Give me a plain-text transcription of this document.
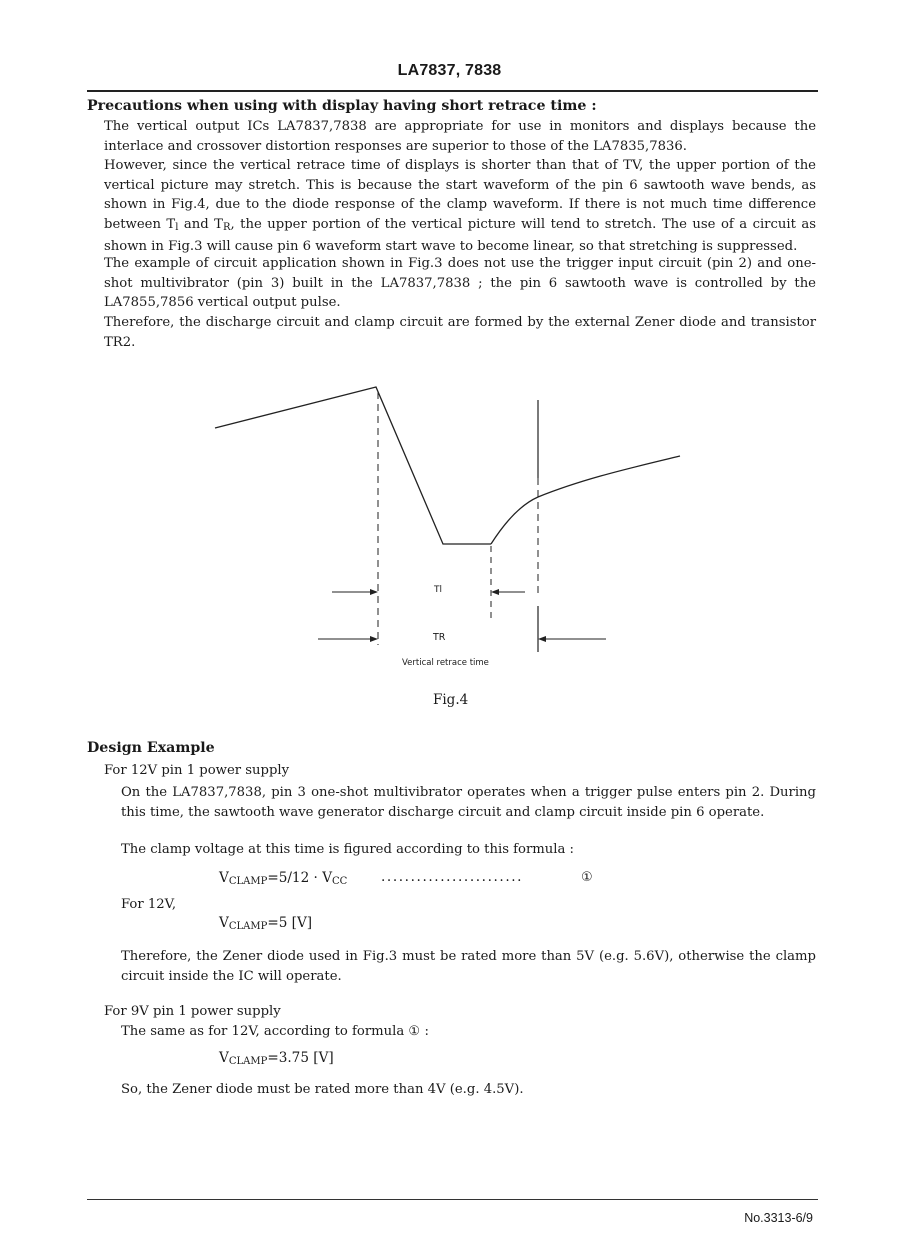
LA7837, 7838
Precautions when using with display having short retrace time :
The vertical output ICs LA7837,7838 are appropriate for use in monitors and displays because the interlace and crossover distortion responses are superior to those of the LA7835,7836.
However, since the vertical retrace time of displays is shorter than that of TV, the upper portion of the vertical picture may stretch. This is because the start waveform of the pin 6 sawtooth wave bends, as shown in Fig.4, due to the diode response of the clamp waveform. If there is not much time difference between $T_l$ and $T_R$, the upper portion of the vertical picture will tend to stretch. The use of a circuit as shown in Fig.3 will cause pin 6 waveform start wave to become linear, so that stretching is suppressed.
The example of circuit application shown in Fig.3 does not use the trigger input circuit (pin 2) and one-shot multivibrator (pin 3) built in the LA7837,7838 ; the pin 6 sawtooth wave is controlled by the LA7855,7856 vertical output pulse.
Therefore, the discharge circuit and clamp circuit are formed by the external Zener diode and transistor TR2.
Tl
TR
Vertical retrace time
Fig.4
Design Example
For 12V pin 1 power supply
On the LA7837,7838, pin 3 one-shot multivibrator operates when a trigger pulse enters pin 2. During this time, the sawtooth wave generator discharge circuit and clamp circuit inside pin 6 operate.
The clamp voltage at this time is figured according to this formula :
$V_{CLAMP}=5/12 \cdot V_{CC}$ ........................	①
For 12V,
$V_{CLAMP}=5$ [V]
Therefore, the Zener diode used in Fig.3 must be rated more than 5V (e.g. 5.6V), otherwise the clamp circuit inside the IC will operate.
For 9V pin 1 power supply
The same as for 12V, according to formula ① :
$V_{CLAMP}=3.75$ [V]
So, the Zener diode must be rated more than 4V (e.g. 4.5V).
No.3313-6/9
